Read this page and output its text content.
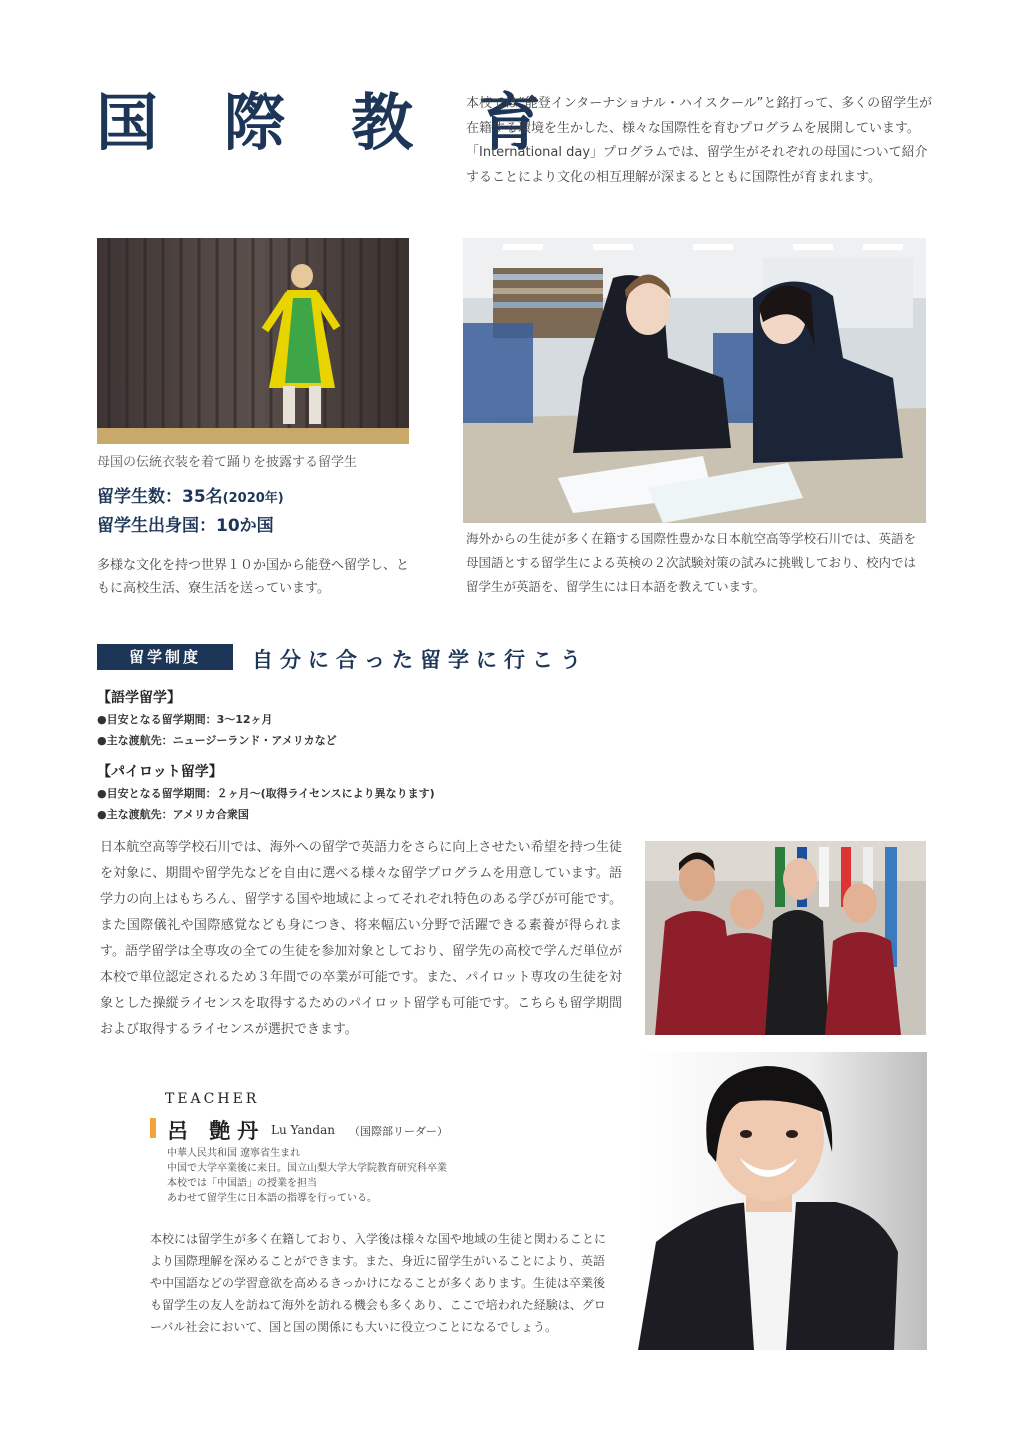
国 際 教 育
本校では“能登インターナショナル・ハイスクール”と銘打って、多くの留学生が在籍する環境を生かした、様々な国際性を育むプログラムを展開しています。「International day」プログラムでは、留学生がそれぞれの母国について紹介することにより文化の相互理解が深まるとともに国際性が育まれます。
母国の伝統衣装を着て踊りを披露する留学生
留学生数：35名(2020年)
留学生出身国：10か国
多様な文化を持つ世界１０か国から能登へ留学し、ともに高校生活、寮生活を送っています。
海外からの生徒が多く在籍する国際性豊かな日本航空高等学校石川では、英語を母国語とする留学生による英検の２次試験対策の試みに挑戦しており、校内では留学生が英語を、留学生には日本語を教えています。
留学制度	自分に合った留学に行こう
【語学留学】
●目安となる留学期間：3〜12ヶ月
●主な渡航先：ニュージーランド・アメリカなど
【パイロット留学】
●目安となる留学期間：２ヶ月〜(取得ライセンスにより異なります)
●主な渡航先：アメリカ合衆国
日本航空高等学校石川では、海外への留学で英語力をさらに向上させたい希望を持つ生徒を対象に、期間や留学先などを自由に選べる様々な留学プログラムを用意しています。語学力の向上はもちろん、留学する国や地域によってそれぞれ特色のある学びが可能です。また国際儀礼や国際感覚なども身につき、将来幅広い分野で活躍できる素養が得られます。語学留学は全専攻の全ての生徒を参加対象としており、留学先の高校で学んだ単位が本校で単位認定されるため３年間での卒業が可能です。また、パイロット専攻の生徒を対象とした操縦ライセンスを取得するためのパイロット留学も可能です。こちらも留学期間および取得するライセンスが選択できます。
TEACHER
呂 艶丹 Lu Yandan （国際部リーダー）
中華人民共和国 遼寧省生まれ
中国で大学卒業後に来日。国立山梨大学大学院教育研究科卒業
本校では「中国語」の授業を担当
あわせて留学生に日本語の指導を行っている。
本校には留学生が多く在籍しており、入学後は様々な国や地域の生徒と関わることにより国際理解を深めることができます。また、身近に留学生がいることにより、英語や中国語などの学習意欲を高めるきっかけになることが多くあります。生徒は卒業後も留学生の友人を訪ねて海外を訪れる機会も多くあり、ここで培われた経験は、グローバル社会において、国と国の関係にも大いに役立つことになるでしょう。
